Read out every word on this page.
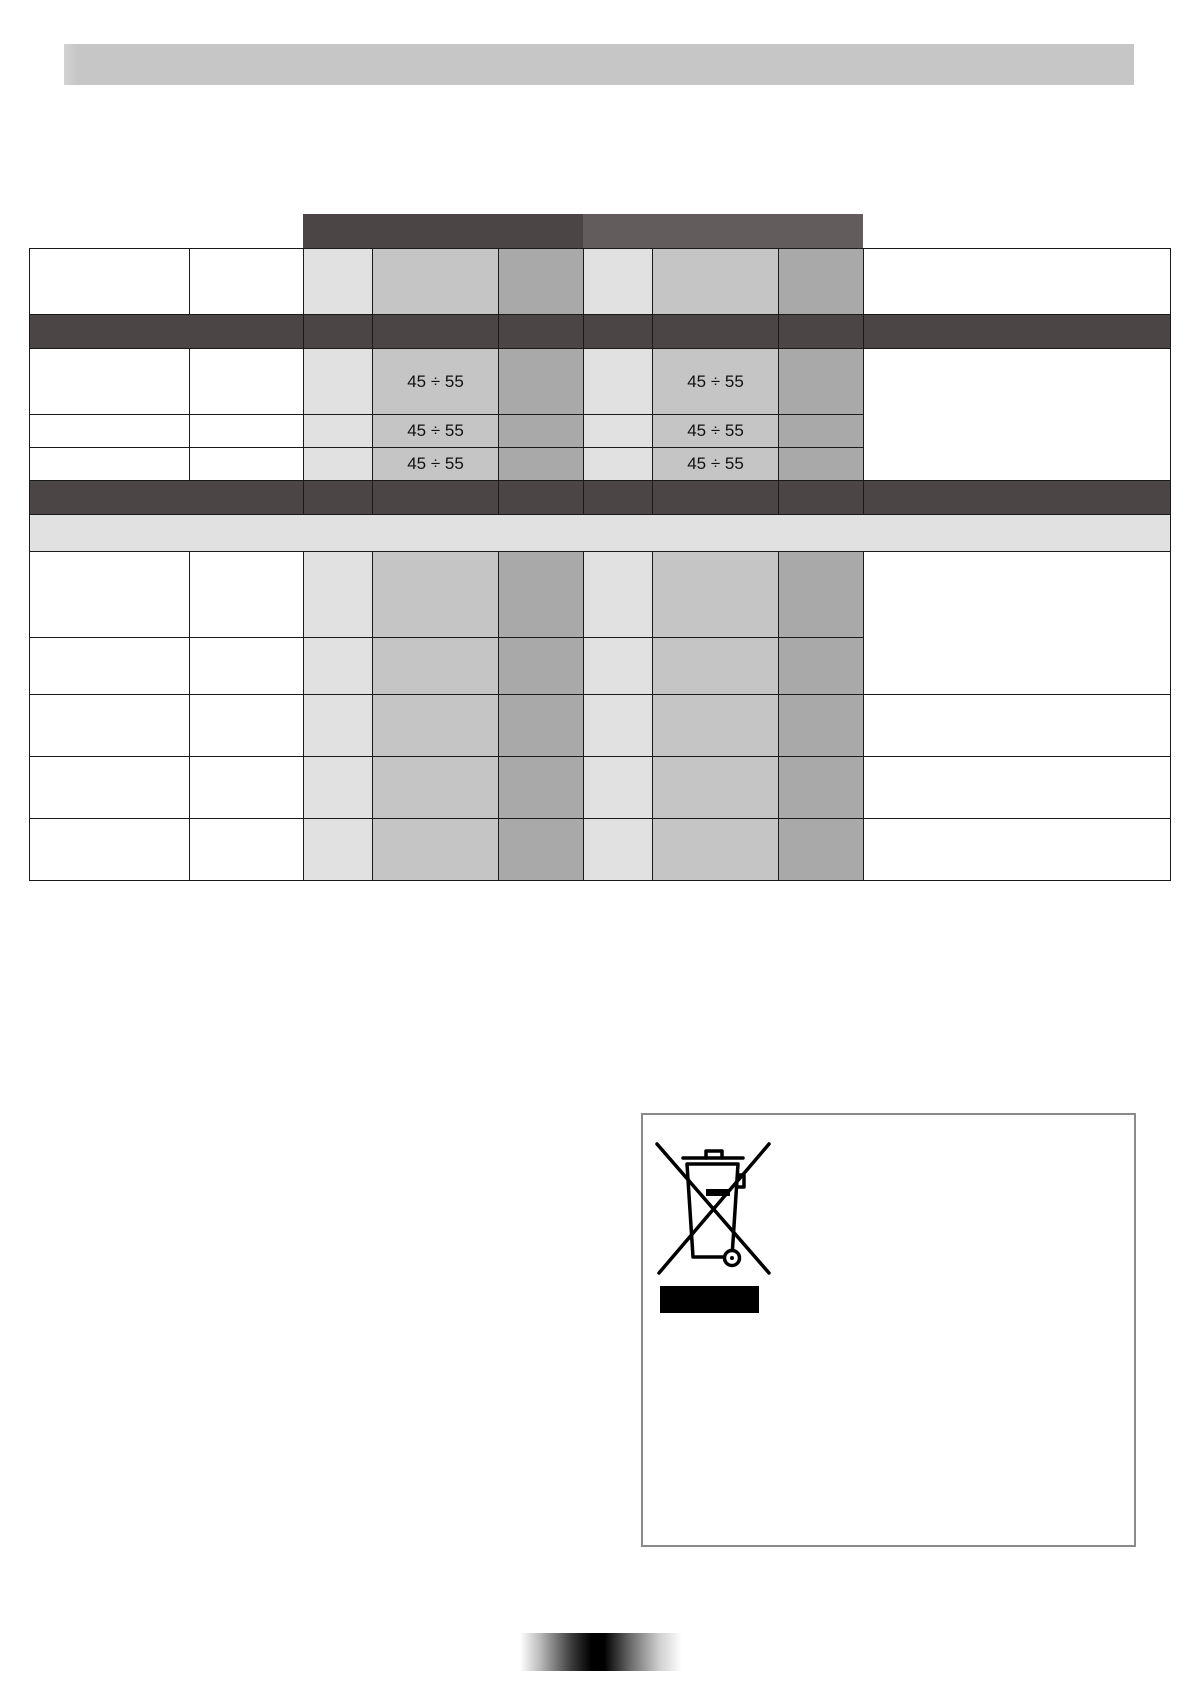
			45 ÷ 55			45 ÷ 55		
			45 ÷ 55			45 ÷ 55		
			45 ÷ 55			45 ÷ 55		
